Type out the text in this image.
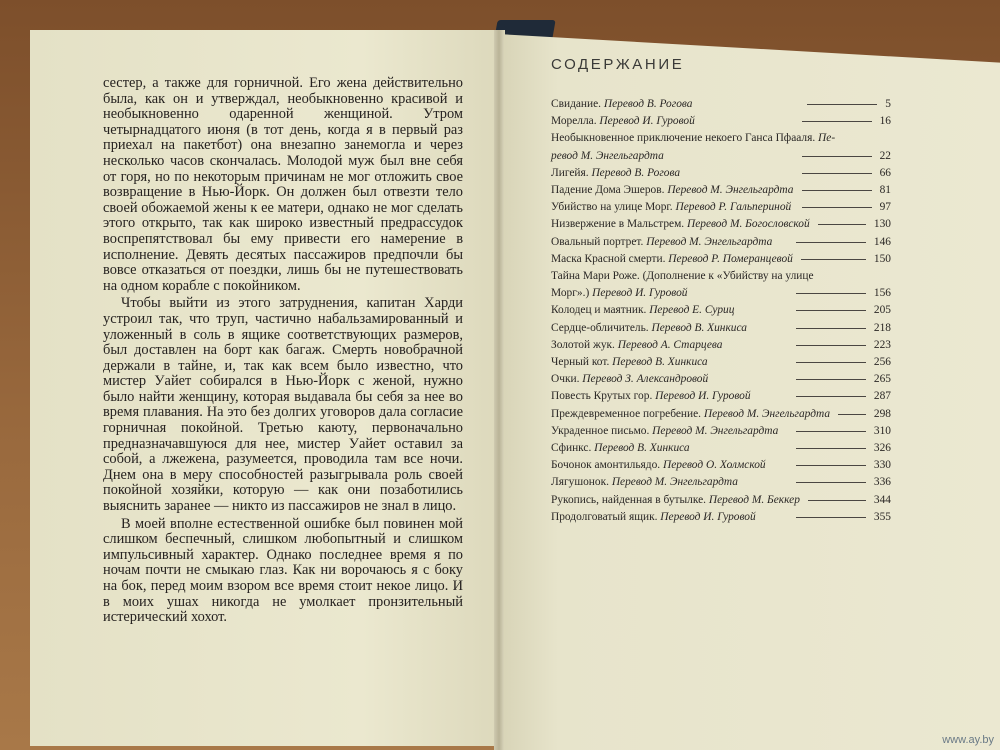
сестер, а также для горничной. Его жена действительно была, как он и утверждал, необыкновенно красивой и необыкновенно одаренной женщиной. Утром четырнадцатого июня (в тот день, когда я в первый раз приехал на пакетбот) она внезапно занемогла и через несколько часов скончалась. Молодой муж был вне себя от горя, но по некоторым причинам не мог отложить свое возвращение в Нью-Йорк. Он должен был отвезти тело своей обожаемой жены к ее матери, однако не мог сделать этого открыто, так как широко известный предрассудок воспрепятствовал бы ему привести его намерение в исполнение. Девять десятых пассажиров предпочли бы вовсе отказаться от поездки, лишь бы не путешествовать на одном корабле с покойником.

Чтобы выйти из этого затруднения, капитан Харди устроил так, что труп, частично набальзамированный и уложенный в соль в ящике соответствующих размеров, был доставлен на борт как багаж. Смерть новобрачной держали в тайне, и, так как всем было известно, что мистер Уайет собирался в Нью-Йорк с женой, нужно было найти женщину, которая выдавала бы себя за нее во время плавания. На это без долгих уговоров дала согласие горничная покойной. Третью каюту, первоначально предназначавшуюся для нее, мистер Уайет оставил за собой, а лжежена, разумеется, проводила там все ночи. Днем она в меру способностей разыгрывала роль своей покойной хозяйки, которую — как они позаботились выяснить заранее — никто из пассажиров не знал в лицо.

В моей вполне естественной ошибке был повинен мой слишком беспечный, слишком любопытный и слишком импульсивный характер. Однако последнее время я по ночам почти не смыкаю глаз. Как ни ворочаюсь я с боку на бок, перед моим взором все время стоит некое лицо. И в моих ушах никогда не умолкает пронзительный истерический хохот.

СОДЕРЖАНИЕ
Свидание. Перевод В. Рогова	5
Морелла. Перевод И. Гуровой	16
Необыкновенное приключение некоего Ганса Пфааля. Пе-
ревод М. Энгельгардта	22
Лигейя. Перевод В. Рогова	66
Падение Дома Эшеров. Перевод М. Энгельгардта	81
Убийство на улице Морг. Перевод Р. Гальпериной	97
Низвержение в Мальстрем. Перевод М. Богословской	130
Овальный портрет. Перевод М. Энгельгардта	146
Маска Красной смерти. Перевод Р. Померанцевой	150
Тайна Мари Роже. (Дополнение к «Убийству на улице
Морг».) Перевод И. Гуровой	156
Колодец и маятник. Перевод Е. Суриц	205
Сердце-обличитель. Перевод В. Хинкиса	218
Золотой жук. Перевод А. Старцева	223
Черный кот. Перевод В. Хинкиса	256
Очки. Перевод З. Александровой	265
Повесть Крутых гор. Перевод И. Гуровой	287
Преждевременное погребение. Перевод М. Энгельгардта	298
Украденное письмо. Перевод М. Энгельгардта	310
Сфинкс. Перевод В. Хинкиса	326
Бочонок амонтильядо. Перевод О. Холмской	330
Лягушонок. Перевод М. Энгельгардта	336
Рукопись, найденная в бутылке. Перевод М. Беккер	344
Продолговатый ящик. Перевод И. Гуровой	355
www.ay.by
